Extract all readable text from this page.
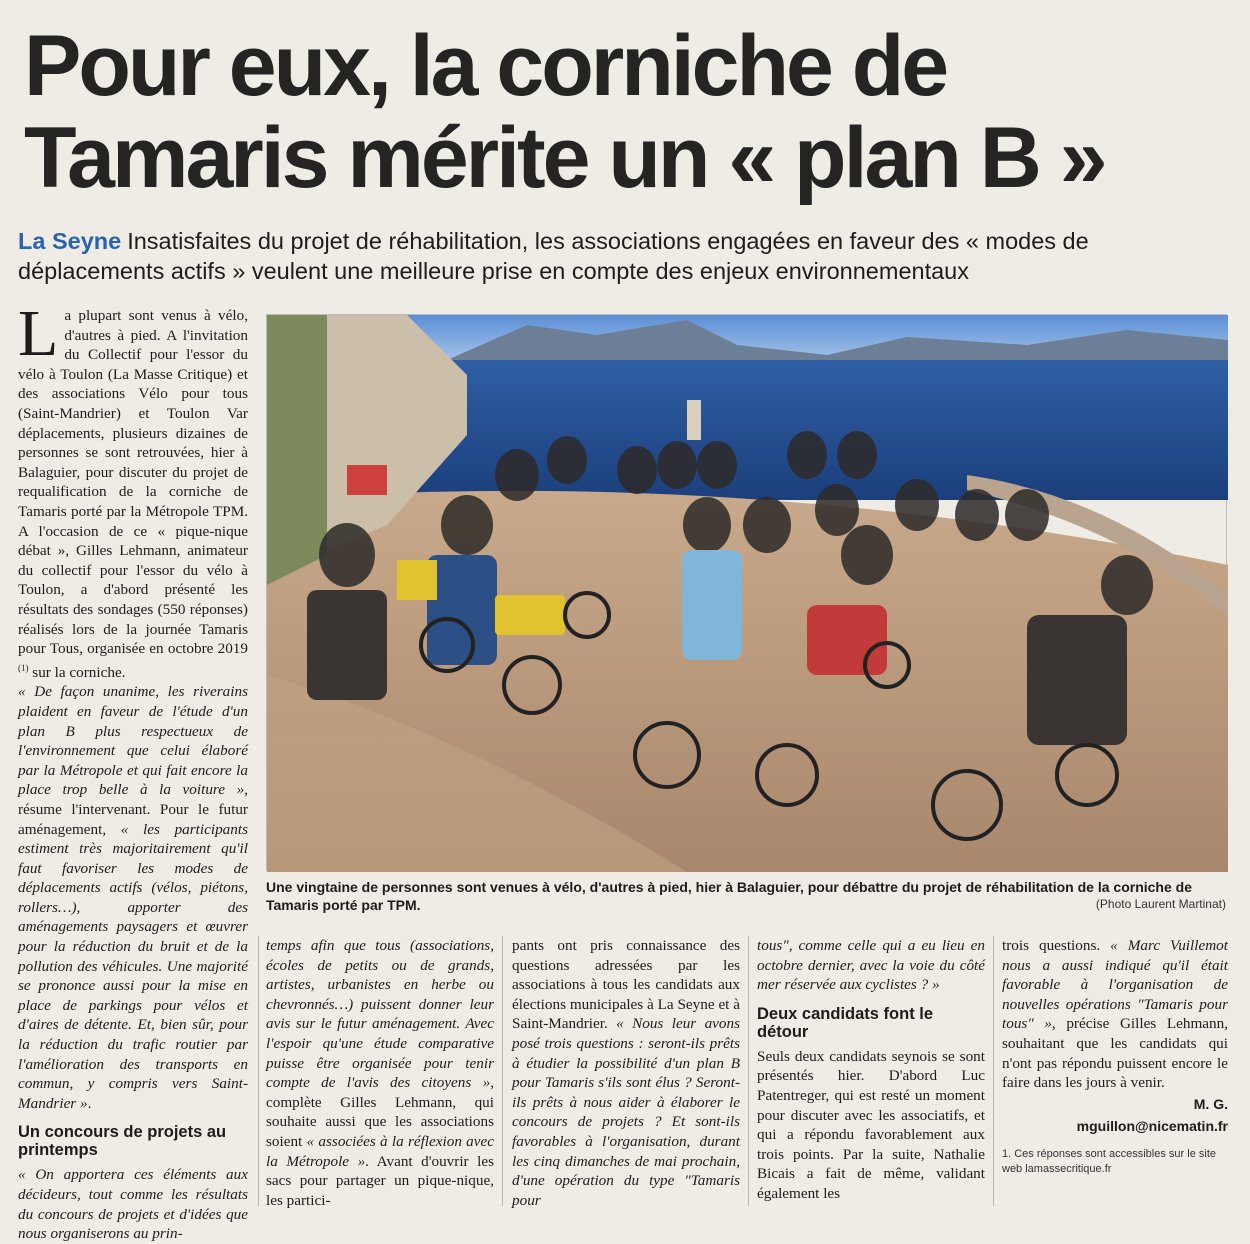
Pour eux, la corniche de
Tamaris mérite un « plan B »
La Seyne Insatisfaites du projet de réhabilitation, les associations engagées en faveur des « modes de déplacements actifs » veulent une meilleure prise en compte des enjeux environnementaux

La plupart sont venus à vélo, d'autres à pied. A l'invitation du Collectif pour l'essor du vélo à Toulon (La Masse Critique) et des associations Vélo pour tous (Saint-Mandrier) et Toulon Var déplacements, plusieurs dizaines de personnes se sont retrouvées, hier à Balaguier, pour discuter du projet de requalification de la corniche de Tamaris porté par la Métropole TPM. A l'occasion de ce « pique-nique débat », Gilles Lehmann, animateur du collectif pour l'essor du vélo à Toulon, a d'abord présenté les résultats des sondages (550 réponses) réalisés lors de la journée Tamaris pour Tous, organisée en octobre 2019 $^{(1)}$ sur la corniche.

« De façon unanime, les riverains plaident en faveur de l'étude d'un plan B plus respectueux de l'environnement que celui élaboré par la Métropole et qui fait encore la place trop belle à la voiture », résume l'intervenant. Pour le futur aménagement, « les participants estiment très majoritairement qu'il faut favoriser les modes de déplacements actifs (vélos, piétons, rollers…), apporter des aménagements paysagers et œuvrer pour la réduction du bruit et de la pollution des véhicules. Une majorité se prononce aussi pour la mise en place de parkings pour vélos et d'aires de détente. Et, bien sûr, pour la réduction du trafic routier par l'amélioration des transports en commun, y compris vers Saint-Mandrier ».

Un concours de projets au printemps

« On apportera ces éléments aux décideurs, tout comme les résultats du concours de projets et d'idées que nous organiserons au prin-

Une vingtaine de personnes sont venues à vélo, d'autres à pied, hier à Balaguier, pour débattre du projet de réhabilitation de la corniche de Tamaris porté par TPM.	(Photo Laurent Martinat)

temps afin que tous (associations, écoles de petits ou de grands, artistes, urbanistes en herbe ou chevronnés…) puissent donner leur avis sur le futur aménagement. Avec l'espoir qu'une étude comparative puisse être organisée pour tenir compte de l'avis des citoyens », complète Gilles Lehmann, qui souhaite aussi que les associations soient « associées à la réflexion avec la Métropole ». Avant d'ouvrir les sacs pour partager un pique-nique, les partici-

pants ont pris connaissance des questions adressées par les associations à tous les candidats aux élections municipales à La Seyne et à Saint-Mandrier. « Nous leur avons posé trois questions : seront-ils prêts à étudier la possibilité d'un plan B pour Tamaris s'ils sont élus ? Seront-ils prêts à nous aider à élaborer le concours de projets ? Et sont-ils favorables à l'organisation, durant les cinq dimanches de mai prochain, d'une opération du type "Tamaris pour

tous", comme celle qui a eu lieu en octobre dernier, avec la voie du côté mer réservée aux cyclistes ? »

Deux candidats font le détour

Seuls deux candidats seynois se sont présentés hier. D'abord Luc Patentreger, qui est resté un moment pour discuter avec les associatifs, et qui a répondu favorablement aux trois points. Par la suite, Nathalie Bicais a fait de même, validant également les

trois questions. « Marc Vuillemot nous a aussi indiqué qu'il était favorable à l'organisation de nouvelles opérations "Tamaris pour tous" », précise Gilles Lehmann, souhaitant que les candidats qui n'ont pas répondu puissent encore le faire dans les jours à venir.

M. G.
mguillon@nicematin.fr
1. Ces réponses sont accessibles sur le site web lamassecritique.fr
